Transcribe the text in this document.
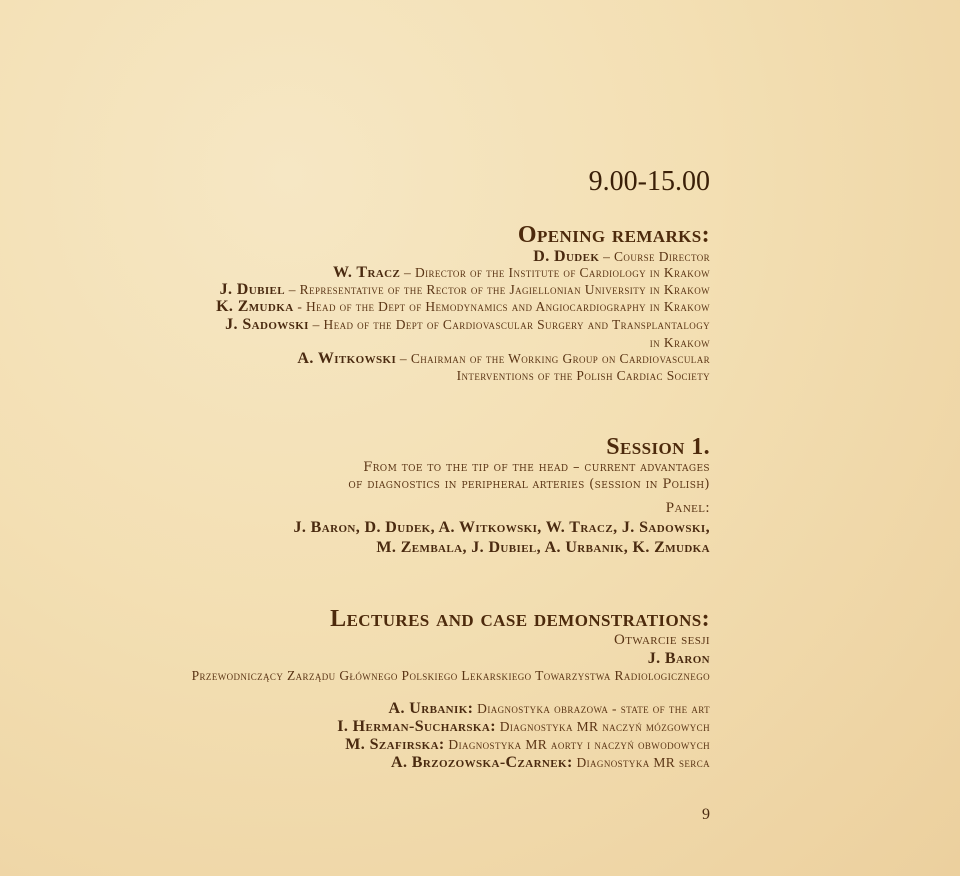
9.00-15.00
Opening remarks:
D. Dudek – Course Director
W. Tracz – Director of the Institute of Cardiology in Krakow
J. Dubiel – Representative of the Rector of the Jagiellonian University in Krakow
K. Zmudka - Head of the Dept of Hemodynamics and Angiocardiography in Krakow
J. Sadowski – Head of the Dept of Cardiovascular Surgery and Transplantalogy
in Krakow
A. Witkowski – Chairman of the Working Group on Cardiovascular
Interventions of the Polish Cardiac Society
Session 1.
From toe to the tip of the head – current advantages
of diagnostics in peripheral arteries (session in Polish)
Panel:
J. Baron, D. Dudek, A. Witkowski, W. Tracz, J. Sadowski,
M. Zembala, J. Dubiel, A. Urbanik, K. Zmudka
Lectures and case demonstrations:
Otwarcie sesji
J. Baron
Przewodniczący Zarządu Głównego Polskiego Lekarskiego Towarzystwa Radiologicznego
A. Urbanik: Diagnostyka obrazowa - state of the art
I. Herman-Sucharska: Diagnostyka MR naczyń mózgowych
M. Szafirska: Diagnostyka MR aorty i naczyń obwodowych
A. Brzozowska-Czarnek: Diagnostyka MR serca
9
